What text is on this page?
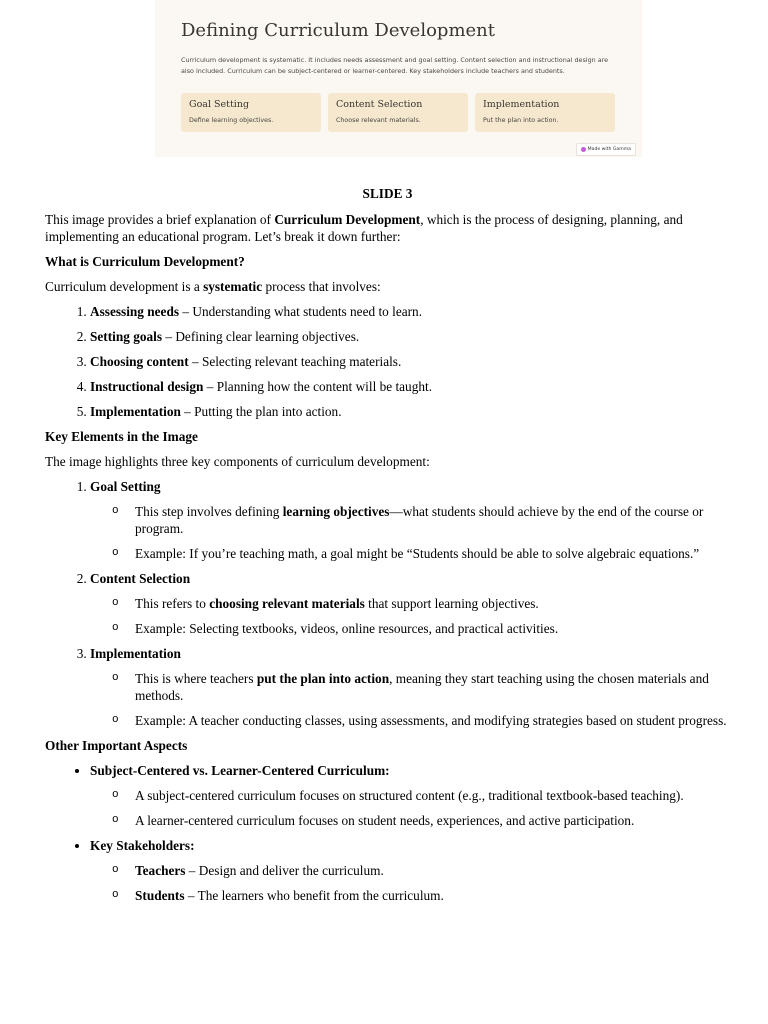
Defining Curriculum Development

Curriculum development is systematic. It includes needs assessment and goal setting. Content selection and instructional design are also included. Curriculum can be subject-centered or learner-centered. Key stakeholders include teachers and students.

Goal Setting

Define learning objectives.

Content Selection

Choose relevant materials.

Implementation

Put the plan into action.

Made with Gamma

SLIDE 3

This image provides a brief explanation of Curriculum Development, which is the process of designing, planning, and implementing an educational program. Let’s break it down further:

What is Curriculum Development?

Curriculum development is a systematic process that involves:

1. Assessing needs – Understanding what students need to learn.
2. Setting goals – Defining clear learning objectives.
3. Choosing content – Selecting relevant teaching materials.
4. Instructional design – Planning how the content will be taught.
5. Implementation – Putting the plan into action.
Key Elements in the Image

The image highlights three key components of curriculum development:

1. Goal Setting
o This step involves defining learning objectives—what students should achieve by the end of the course or program.
o Example: If you’re teaching math, a goal might be “Students should be able to solve algebraic equations.”
2. Content Selection
o This refers to choosing relevant materials that support learning objectives.
o Example: Selecting textbooks, videos, online resources, and practical activities.
3. Implementation
o This is where teachers put the plan into action, meaning they start teaching using the chosen materials and methods.
o Example: A teacher conducting classes, using assessments, and modifying strategies based on student progress.
Other Important Aspects
• Subject-Centered vs. Learner-Centered Curriculum:
o A subject-centered curriculum focuses on structured content (e.g., traditional textbook-based teaching).
o A learner-centered curriculum focuses on student needs, experiences, and active participation.
• Key Stakeholders:
o Teachers – Design and deliver the curriculum.
o Students – The learners who benefit from the curriculum.
